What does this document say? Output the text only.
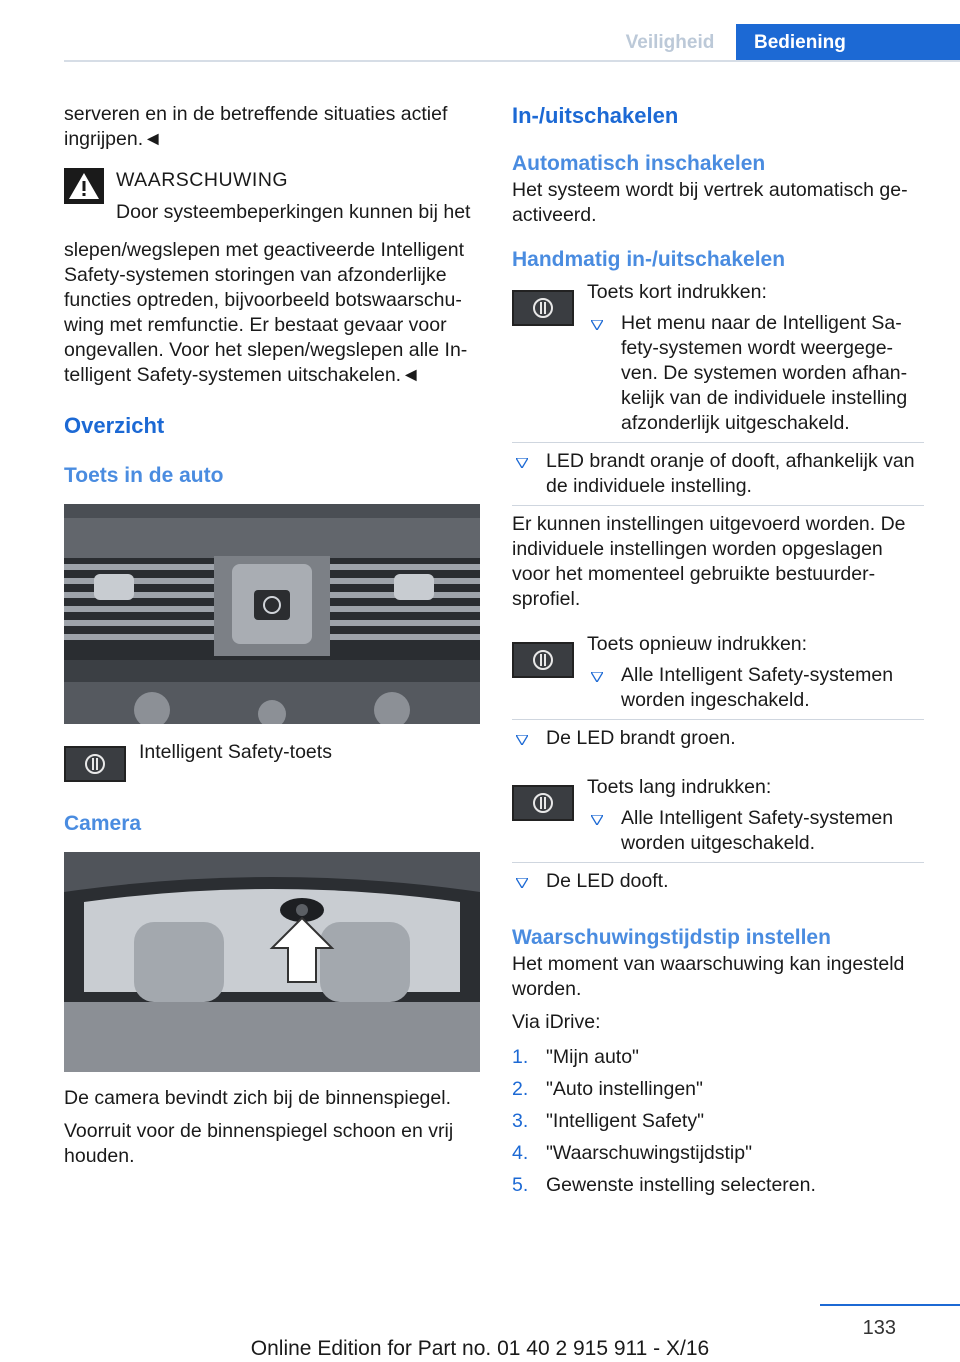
Veiligheid	Bediening

serveren en in de betreffende situaties actief ingrijpen.◄

WAARSCHUWING
Door systeembeperkingen kunnen bij het

slepen/wegslepen met geactiveerde Intelligent Safety-systemen storingen van afzonderlijke functies optreden, bijvoorbeeld botswaarschu-wing met remfunctie. Er bestaat gevaar voor ongevallen. Voor het slepen/wegslepen alle In-telligent Safety-systemen uitschakelen.◄

Overzicht

Toets in de auto

Intelligent Safety-toets

Camera

De camera bevindt zich bij de binnenspiegel.

Voorruit voor de binnenspiegel schoon en vrij houden.

In-/uitschakelen

Automatisch inschakelen

Het systeem wordt bij vertrek automatisch ge-activeerd.

Handmatig in-/uitschakelen

Toets kort indrukken:

Het menu naar de Intelligent Sa-fety-systemen wordt weergege-ven. De systemen worden afhan-kelijk van de individuele instelling afzonderlijk uitgeschakeld.
LED brandt oranje of dooft, afhankelijk van de individuele instelling.

Er kunnen instellingen uitgevoerd worden. De individuele instellingen worden opgeslagen voor het momenteel gebruikte bestuurder-sprofiel.

Toets opnieuw indrukken:

Alle Intelligent Safety-systemen worden ingeschakeld.
De LED brandt groen.

Toets lang indrukken:

Alle Intelligent Safety-systemen worden uitgeschakeld.
De LED dooft.

Waarschuwingstijdstip instellen

Het moment van waarschuwing kan ingesteld worden.

Via iDrive:

1. "Mijn auto"
2. "Auto instellingen"
3. "Intelligent Safety"
4. "Waarschuwingstijdstip"
5. Gewenste instelling selecteren.
133
Online Edition for Part no. 01 40 2 915 911 - X/16
